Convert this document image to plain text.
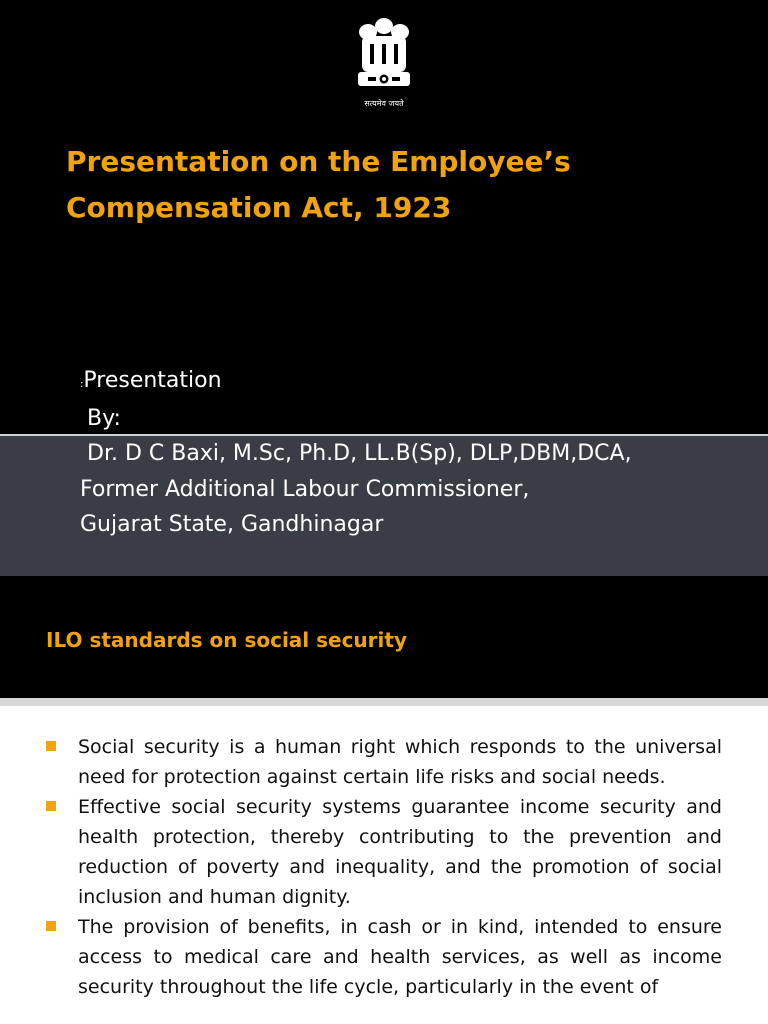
सत्यमेव जयते
Presentation on the Employee’s Compensation Act, 1923
:Presentation
By:
Dr. D C Baxi, M.Sc, Ph.D, LL.B(Sp), DLP,DBM,DCA,
Former Additional Labour Commissioner,
Gujarat State, Gandhinagar
ILO standards on social security
Social security is a human right which responds to the universal need for protection against certain life risks and social needs.
Effective social security systems guarantee income security and health protection, thereby contributing to the prevention and reduction of poverty and inequality, and the promotion of social inclusion and human dignity.
The provision of benefits, in cash or in kind, intended to ensure access to medical care and health services, as well as income security throughout the life cycle, particularly in the event of
